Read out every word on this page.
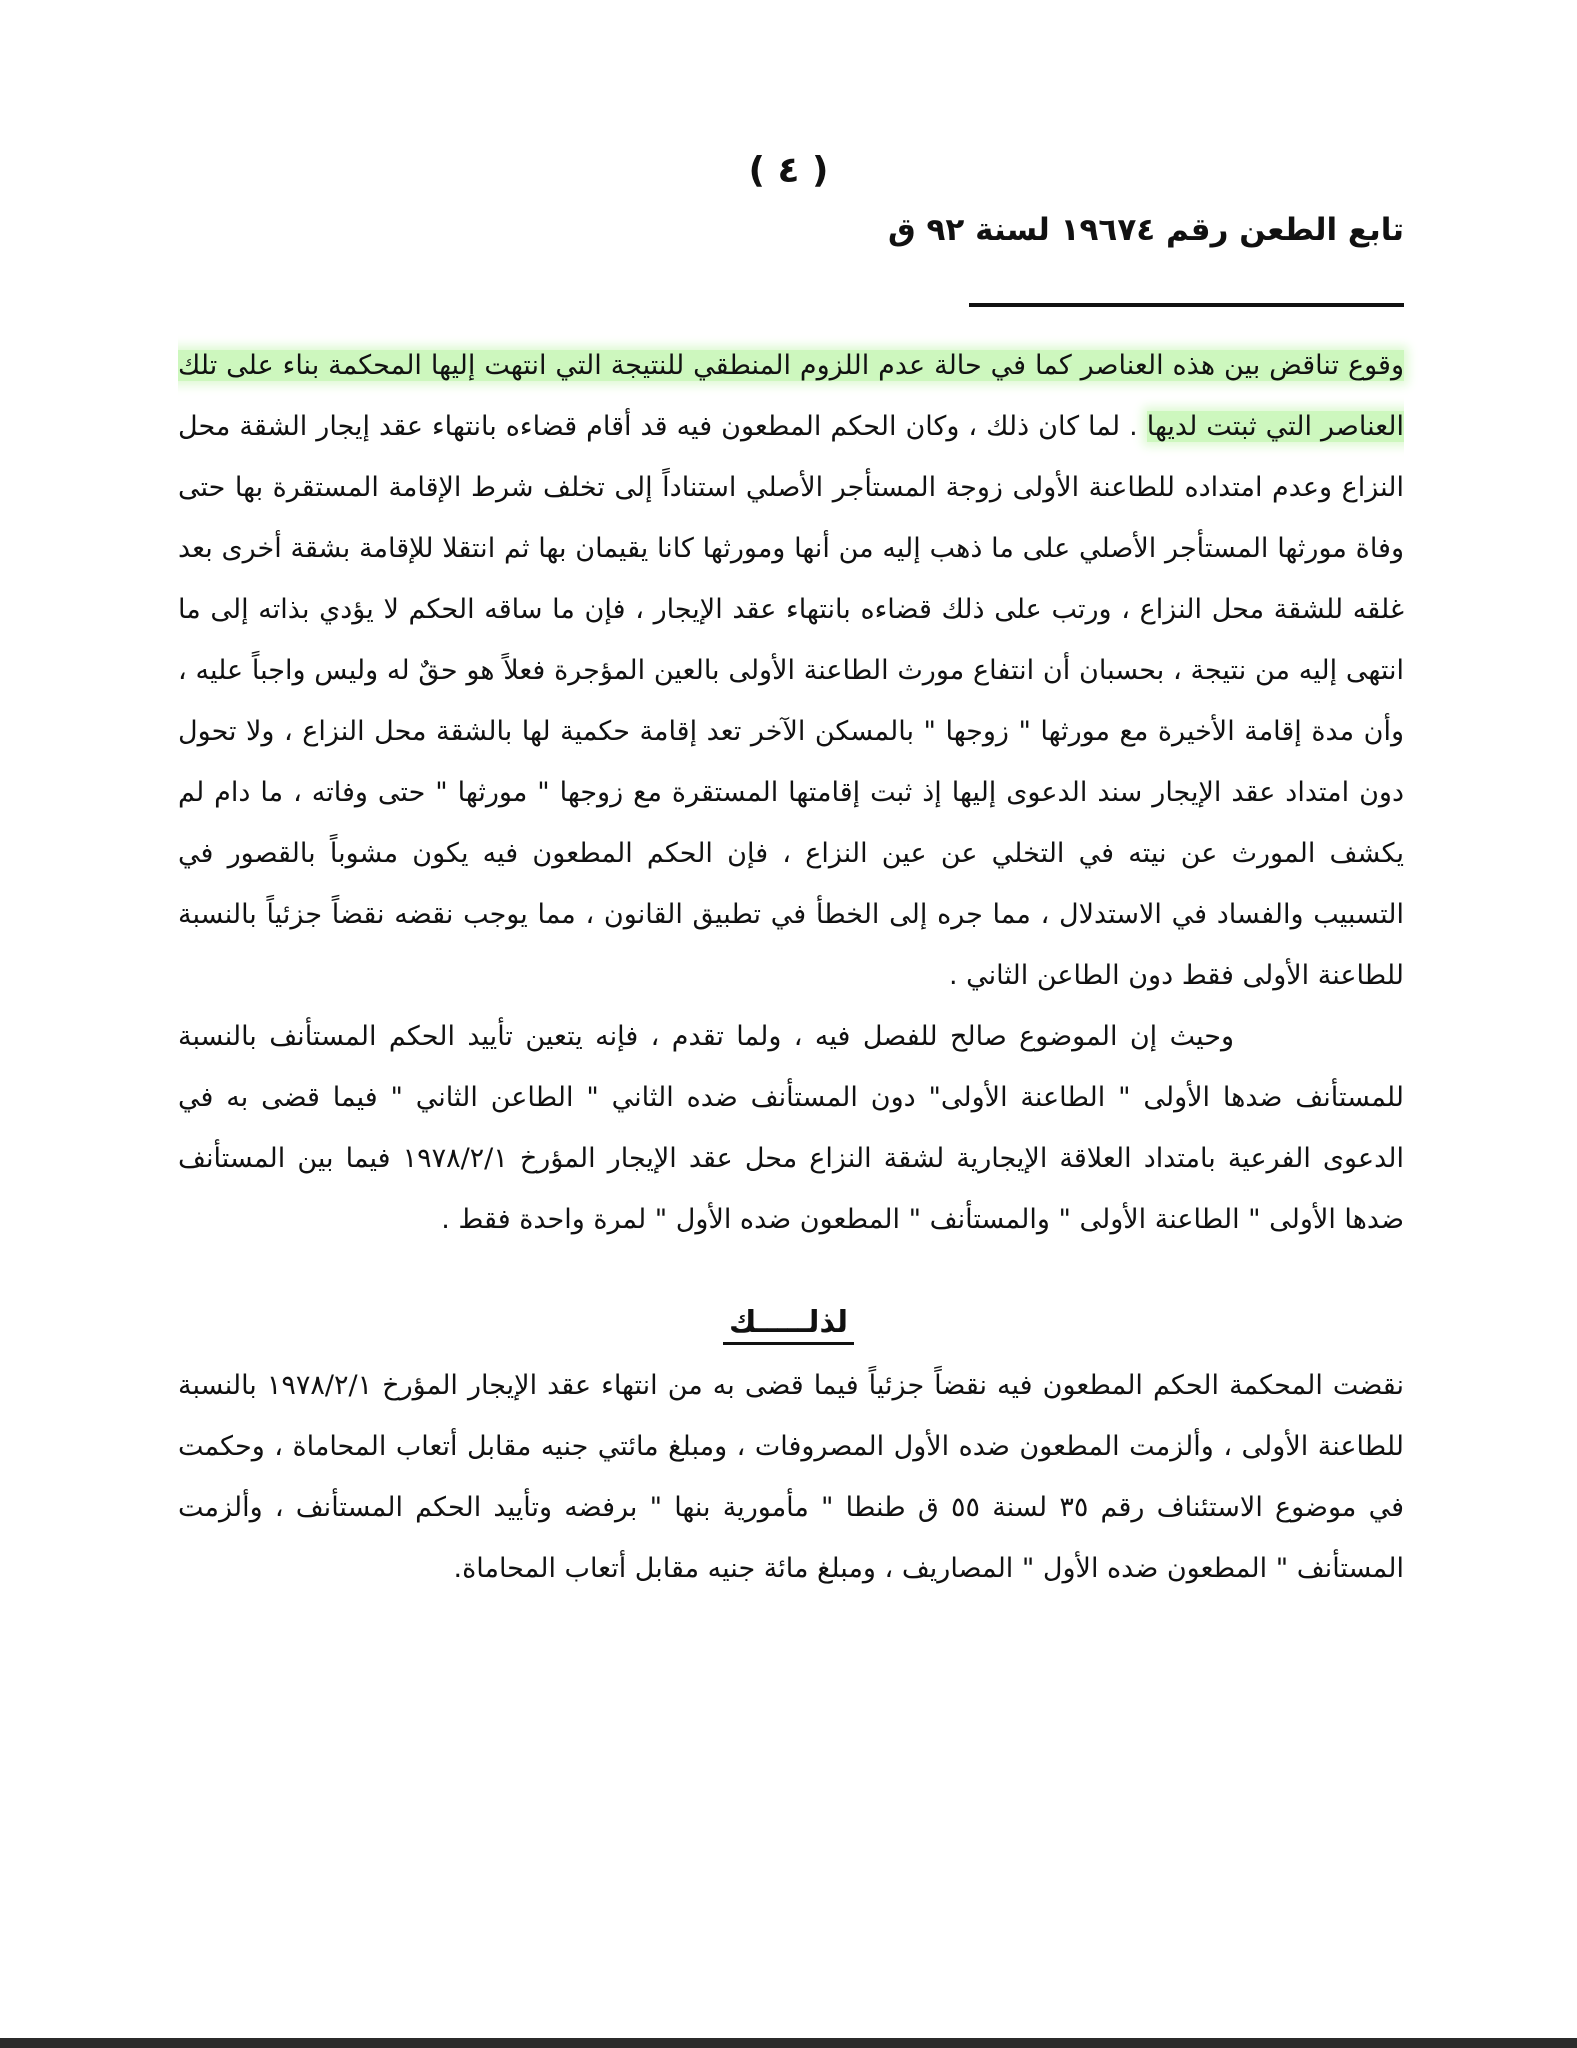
( ٤ )
تابع الطعن رقم ١٩٦٧٤ لسنة ٩٢ ق

وقوع تناقض بين هذه العناصر كما في حالة عدم اللزوم المنطقي للنتيجة التي انتهت إليها المحكمة بناء على تلك العناصر التي ثبتت لديها . لما كان ذلك ، وكان الحكم المطعون فيه قد أقام قضاءه بانتهاء عقد إيجار الشقة محل النزاع وعدم امتداده للطاعنة الأولى زوجة المستأجر الأصلي استناداً إلى تخلف شرط الإقامة المستقرة بها حتى وفاة مورثها المستأجر الأصلي على ما ذهب إليه من أنها ومورثها كانا يقيمان بها ثم انتقلا للإقامة بشقة أخرى بعد غلقه للشقة محل النزاع ، ورتب على ذلك قضاءه بانتهاء عقد الإيجار ، فإن ما ساقه الحكم لا يؤدي بذاته إلى ما انتهى إليه من نتيجة ، بحسبان أن انتفاع مورث الطاعنة الأولى بالعين المؤجرة فعلاً هو حقٌ له وليس واجباً عليه ، وأن مدة إقامة الأخيرة مع مورثها " زوجها " بالمسكن الآخر تعد إقامة حكمية لها بالشقة محل النزاع ، ولا تحول دون امتداد عقد الإيجار سند الدعوى إليها إذ ثبت إقامتها المستقرة مع زوجها " مورثها " حتى وفاته ، ما دام لم يكشف المورث عن نيته في التخلي عن عين النزاع ، فإن الحكم المطعون فيه يكون مشوباً بالقصور في التسبيب والفساد في الاستدلال ، مما جره إلى الخطأ في تطبيق القانون ، مما يوجب نقضه نقضاً جزئياً بالنسبة للطاعنة الأولى فقط دون الطاعن الثاني .

وحيث إن الموضوع صالح للفصل فيه ، ولما تقدم ، فإنه يتعين تأييد الحكم المستأنف بالنسبة للمستأنف ضدها الأولى " الطاعنة الأولى" دون المستأنف ضده الثاني " الطاعن الثاني " فيما قضى به في الدعوى الفرعية بامتداد العلاقة الإيجارية لشقة النزاع محل عقد الإيجار المؤرخ ١٩٧٨/٢/١ فيما بين المستأنف ضدها الأولى " الطاعنة الأولى " والمستأنف " المطعون ضده الأول " لمرة واحدة فقط .

لذلـــــك

نقضت المحكمة الحكم المطعون فيه نقضاً جزئياً فيما قضى به من انتهاء عقد الإيجار المؤرخ ١٩٧٨/٢/١ بالنسبة للطاعنة الأولى ، وألزمت المطعون ضده الأول المصروفات ، ومبلغ مائتي جنيه مقابل أتعاب المحاماة ، وحكمت في موضوع الاستئناف رقم ٣٥ لسنة ٥٥ ق طنطا " مأمورية بنها " برفضه وتأييد الحكم المستأنف ، وألزمت المستأنف " المطعون ضده الأول " المصاريف ، ومبلغ مائة جنيه مقابل أتعاب المحاماة.
